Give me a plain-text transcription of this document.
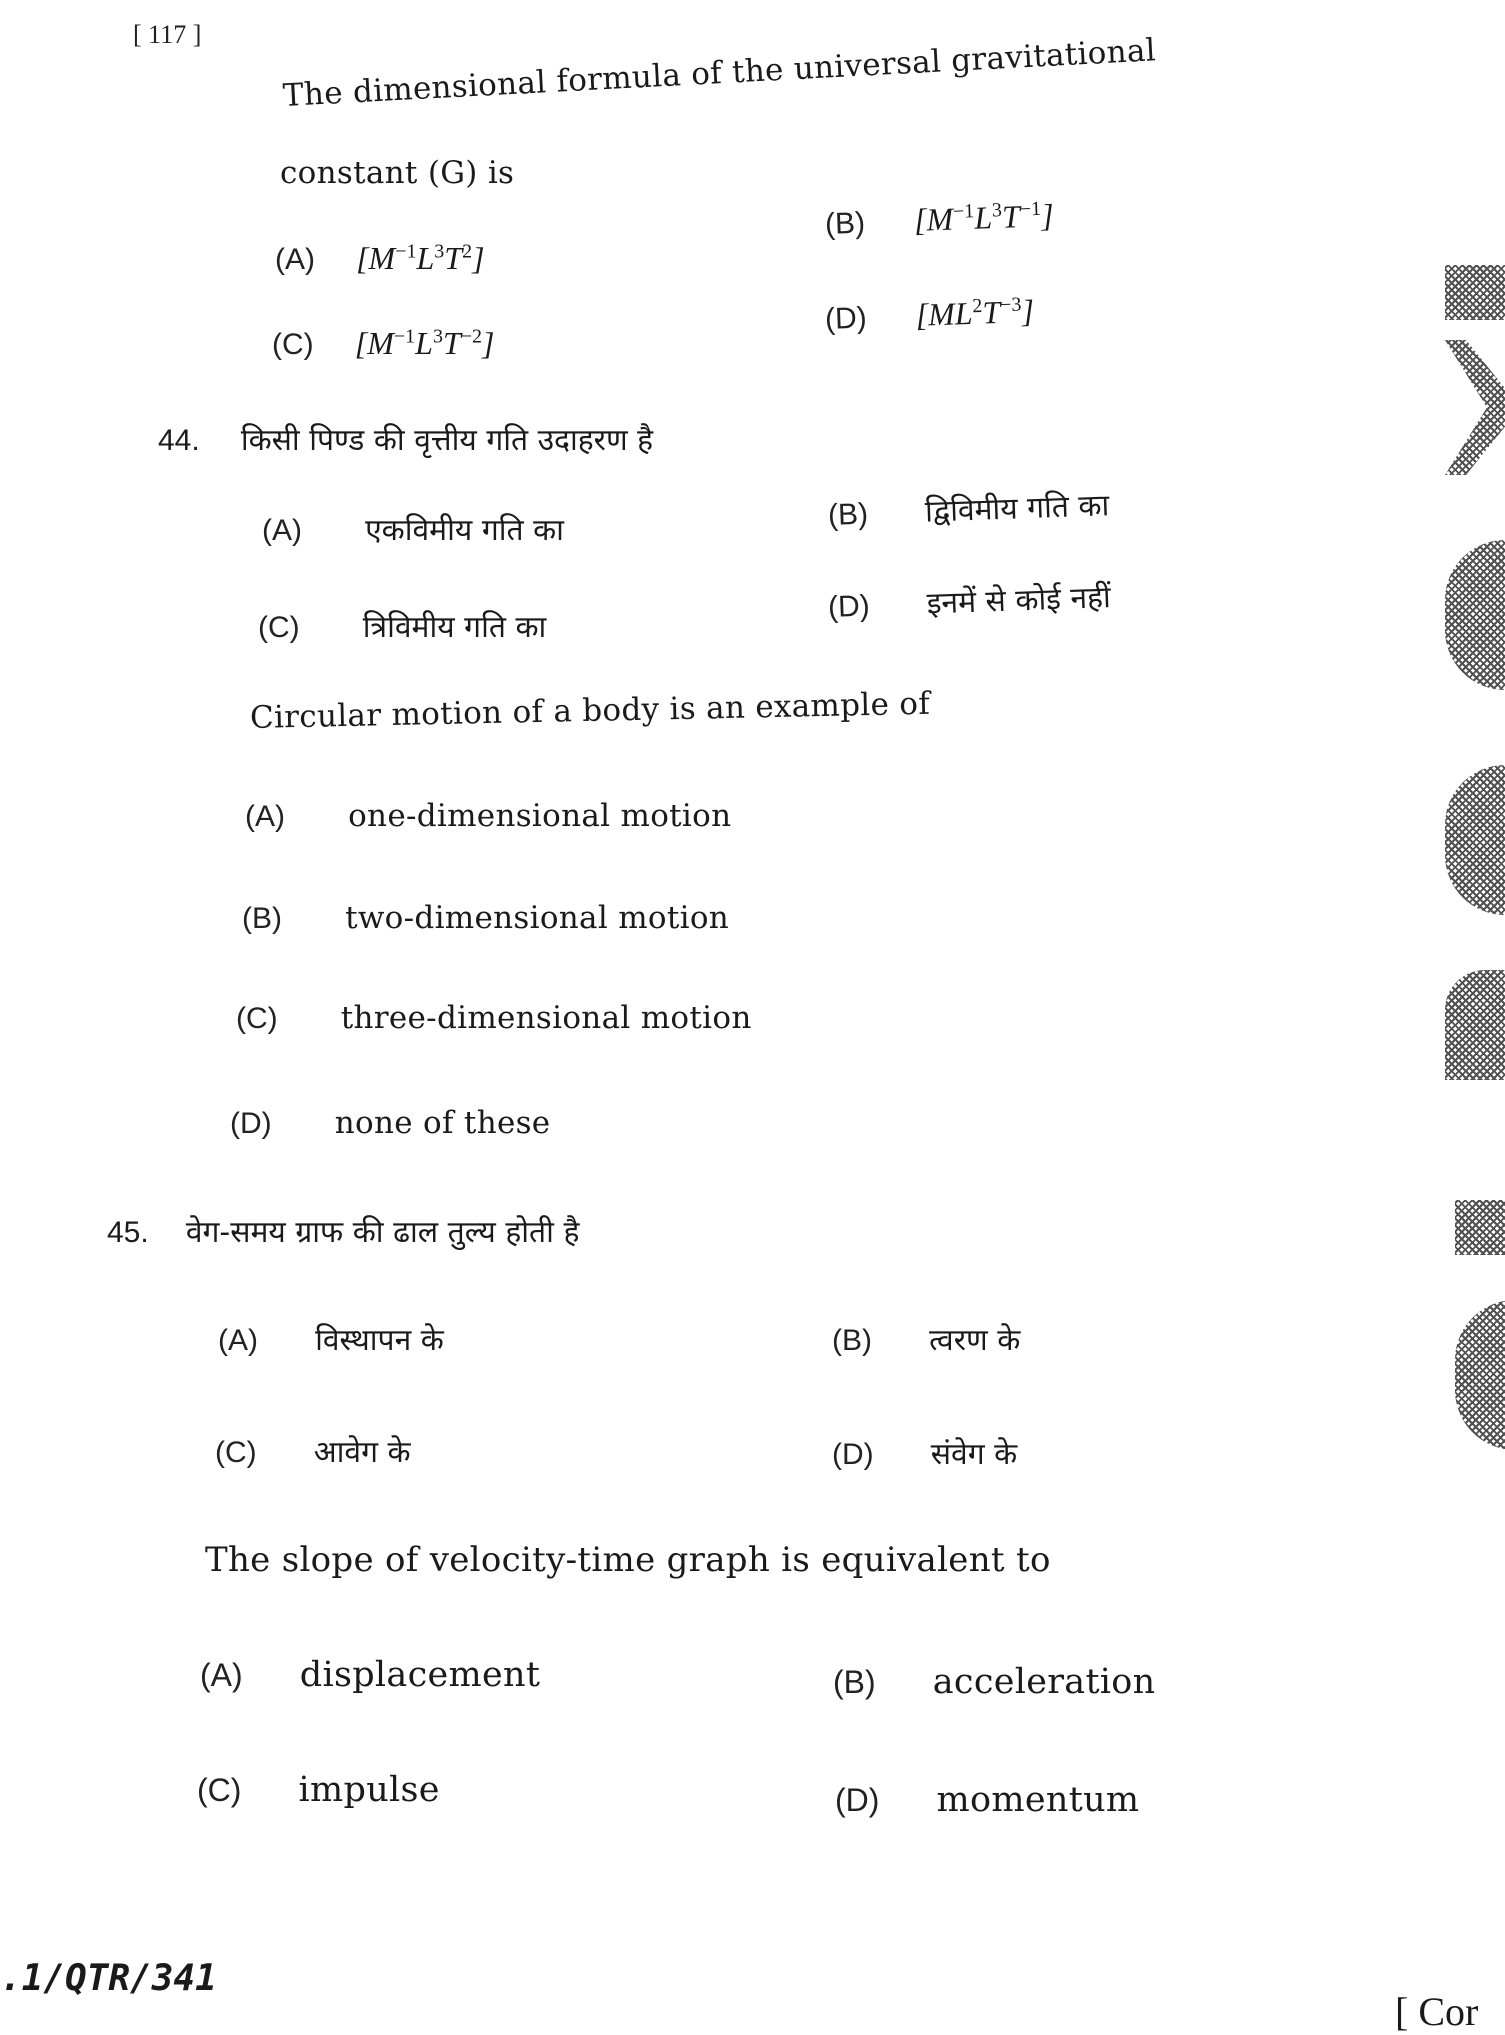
[ 117 ]	The dimensional formula of the universal gravitational
constant (G) is
(A) $[M^{-1}L^3T^2]$
(B) $[M^{-1}L^3T^{-1}]$
(C) $[M^{-1}L^3T^{-2}]$
(D) $[ML^2T^{-3}]$
44. किसी पिण्ड की वृत्तीय गति उदाहरण है
(A) एकविमीय गति का	(B) द्विविमीय गति का
(C) त्रिविमीय गति का
(D) इनमें से कोई नहीं
Circular motion of a body is an example of
(A) one-dimensional motion
(B) two-dimensional motion
(C) three-dimensional motion
(D) none of these
45. वेग-समय ग्राफ की ढाल तुल्य होती है
(A) विस्थापन के	(B) त्वरण के
(C) आवेग के	(D) संवेग के
The slope of velocity-time graph is equivalent to
(A) displacement	(B) acceleration
(C) impulse	(D) momentum
.1/QTR/341
[ Cor
